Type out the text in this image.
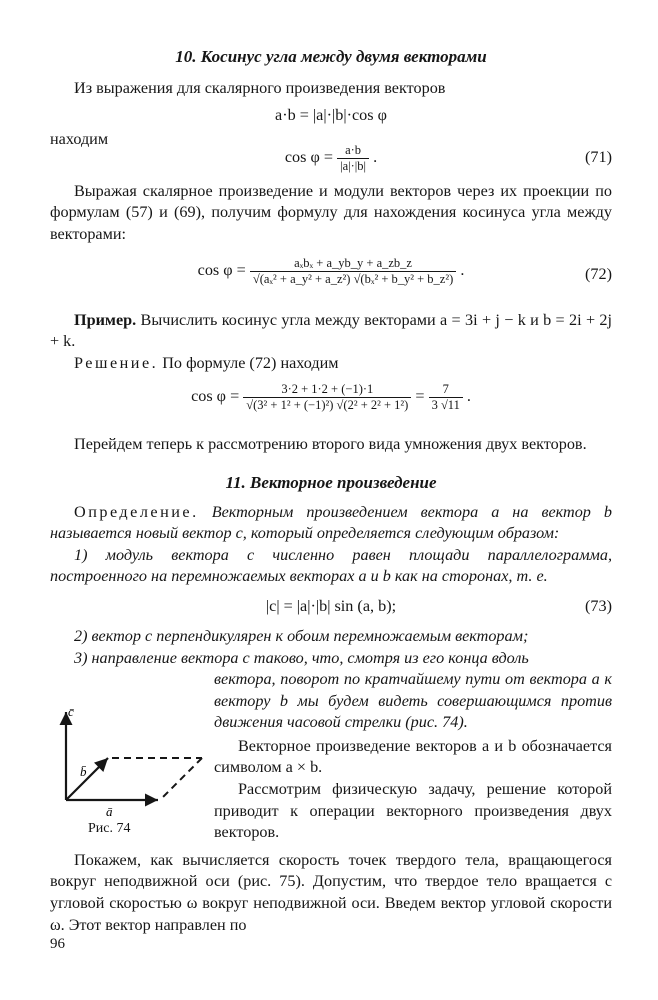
10. Косинус угла между двумя векторами

Из выражения для скалярного произведения векторов

a·b = |a|·|b|·cos φ

находим

$\cos \varphi = \frac{a\cdot b}{|a|\cdot|b|}$ .	(71)

Выражая скалярное произведение и модули векторов через их проекции по формулам (57) и (69), получим формулу для нахождения косинуса угла между векторами:

$\cos \varphi = \frac{\text{aₓbₓ + a\_yb\_y + a\_zb\_z}}{\text{√(aₓ² + a\_y² + a\_z²) √(bₓ² + b\_y² + b\_z²)}}$ .	(72)

Пример. Вычислить косинус угла между векторами a = 3i + j − k и b = 2i + 2j + k.

Решение. По формуле (72) находим

$\cos \varphi = \frac{3\cdot 2 + 1\cdot 2 + (-1)\cdot 1}{\text{√(3² + 1² + (−1)²) √(2² + 2² + 1²)}} = \frac{7}{3 √11}$ .

Перейдем теперь к рассмотрению второго вида умножения двух векторов.

11. Векторное произведение

Определение. Векторным произведением вектора a на вектор b называется новый вектор c, который определяется следующим образом:

1) модуль вектора c численно равен площади параллелограмма, построенного на перемножаемых векторах a и b как на сторонах, т. е.

|c| = |a|·|b| sin (a, b);	(73)

2) вектор c перпендикулярен к обоим перемножаемым векторам;

3) направление вектора c таково, что, смотря из его конца вдоль

вектора, поворот по кратчайшему пути от вектора a к вектору b мы будем видеть совершающимся против движения часовой стрелки (рис. 74).

Векторное произведение векторов a и b обозначается символом a × b.

Рассмотрим физическую задачу, решение которой приводит к операции векторного произведения двух векторов.

Покажем, как вычисляется скорость точек твердого тела, вращающегося вокруг неподвижной оси (рис. 75). Допустим, что твердое тело вращается с угловой скоростью ω вокруг неподвижной оси. Введем вектор угловой скорости ω. Этот вектор направлен по

c̄
b̄
ā
Рис. 74
96
